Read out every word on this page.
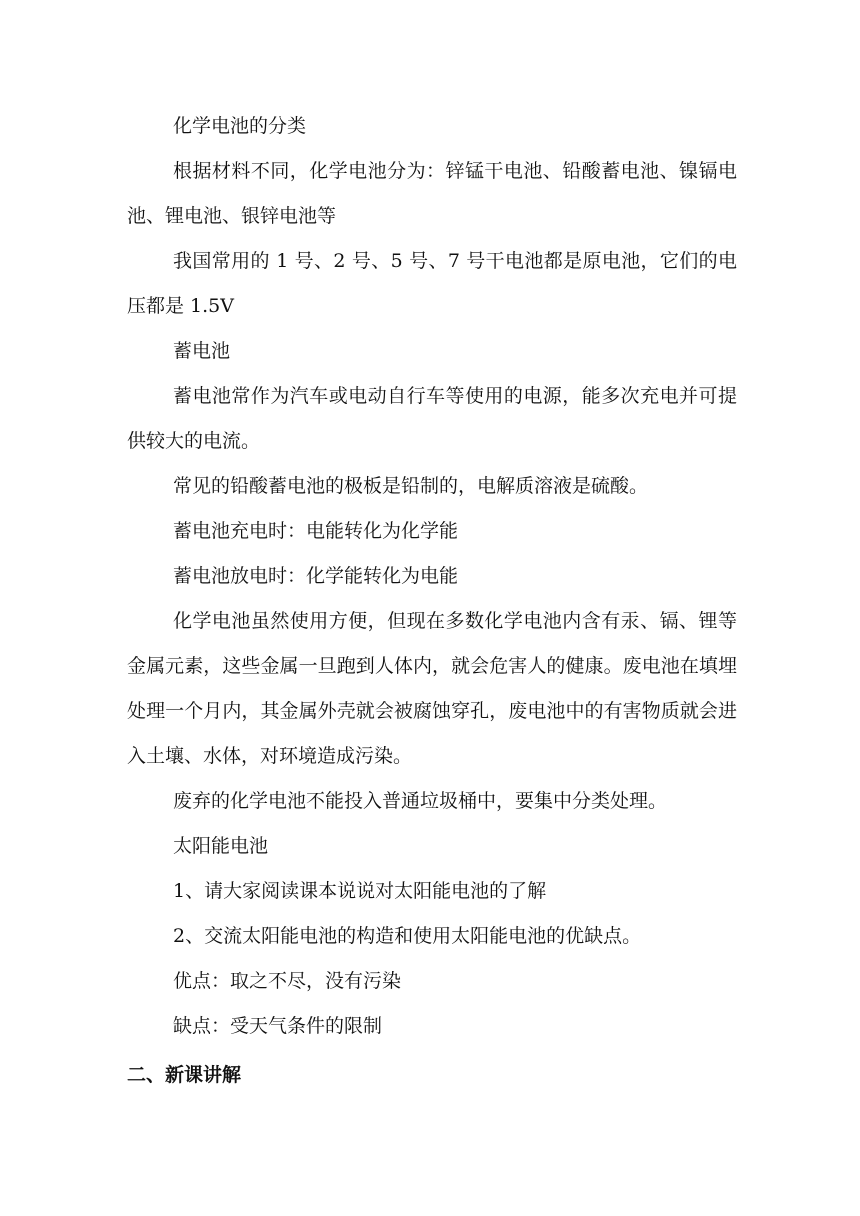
化学电池的分类

根据材料不同，化学电池分为：锌锰干电池、铅酸蓄电池、镍镉电池、锂电池、银锌电池等

我国常用的 1 号、2 号、5 号、7 号干电池都是原电池，它们的电压都是 1.5V

蓄电池

蓄电池常作为汽车或电动自行车等使用的电源，能多次充电并可提供较大的电流。

常见的铅酸蓄电池的极板是铅制的，电解质溶液是硫酸。

蓄电池充电时：电能转化为化学能

蓄电池放电时：化学能转化为电能

化学电池虽然使用方便，但现在多数化学电池内含有汞、镉、锂等金属元素，这些金属一旦跑到人体内，就会危害人的健康。废电池在填埋处理一个月内，其金属外壳就会被腐蚀穿孔，废电池中的有害物质就会进入土壤、水体，对环境造成污染。

废弃的化学电池不能投入普通垃圾桶中，要集中分类处理。

太阳能电池

1、请大家阅读课本说说对太阳能电池的了解

2、交流太阳能电池的构造和使用太阳能电池的优缺点。

优点：取之不尽，没有污染

缺点：受天气条件的限制

二、新课讲解
